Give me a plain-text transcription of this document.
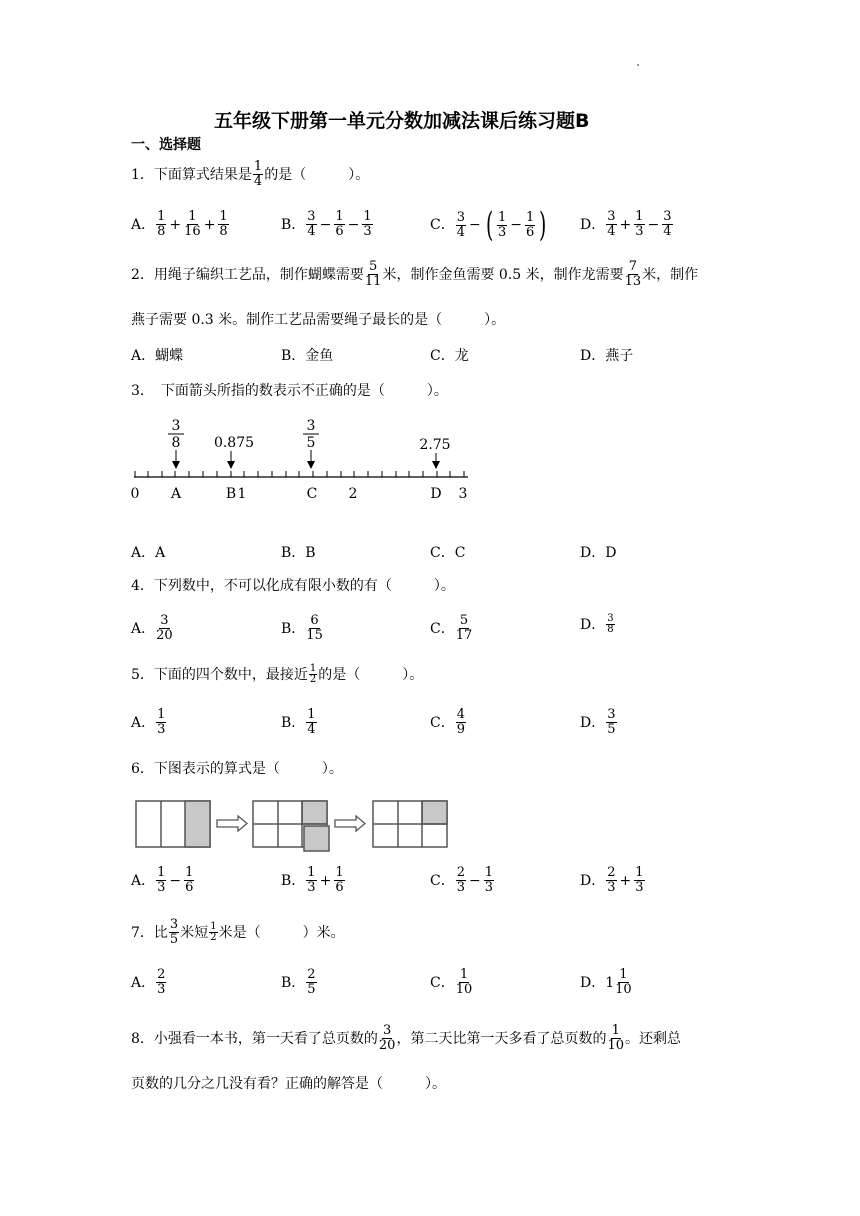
五年级下册第一单元分数加减法课后练习题B
一、选择题
1．下面算式结果是 $\frac{1}{4}$ 的是（　　　）。
A． $\frac{1}{8} + \frac{1}{16} + \frac{1}{8}$	B． $\frac{3}{4} - \frac{1}{6} - \frac{1}{3}$	C． $\frac{3}{4}$ − ( $\frac{1}{3} - \frac{1}{6}$ ) D． $\frac{3}{4} + \frac{1}{3} - \frac{3}{4}$
2．用绳子编织工艺品，制作蝴蝶需要 $\frac{5}{11}$ 米，制作金鱼需要 0.5 米，制作龙需要 $\frac{7}{13}$ 米，制作
燕子需要 0.3 米。制作工艺品需要绳子最长的是（　　　）。
A．蝴蝶	B．金鱼	C．龙	D．燕子
3．　下面箭头所指的数表示不正确的是（　　　）。
3
8 0.875
3
5	2.75
0 A	B 1	C 2	D 3
A．A	B．B	C．C	D．D
4．下列数中，不可以化成有限小数的有（　　　）。
A． $\frac{3}{20}$	B． $\frac{6}{15}$	C． $\frac{5}{17}$	D． $\frac{3}{8}$
5．下面的四个数中，最接近 $\frac{1}{2}$ 的是（　　　）。
A． $\frac{1}{3}$	B． $\frac{1}{4}$	C． $\frac{4}{9}$	D． $\frac{3}{5}$
6．下图表示的算式是（　　　）。
A． $\frac{1}{3} - \frac{1}{6}$	B． $\frac{1}{3} + \frac{1}{6}$	C． $\frac{2}{3} - \frac{1}{3}$	D． $\frac{2}{3} + \frac{1}{3}$
7．比 $\frac{3}{5}$ 米短 $\frac{1}{2}$ 米是（　　　）米。
A． $\frac{2}{3}$	B． $\frac{2}{5}$	C． $\frac{1}{10}$	D． $1 \frac{1}{10}$
8．小强看一本书，第一天看了总页数的 $\frac{3}{20}$ ，第二天比第一天多看了总页数的 $\frac{1}{10}$ 。还剩总
页数的几分之几没有看？正确的解答是（　　　）。
